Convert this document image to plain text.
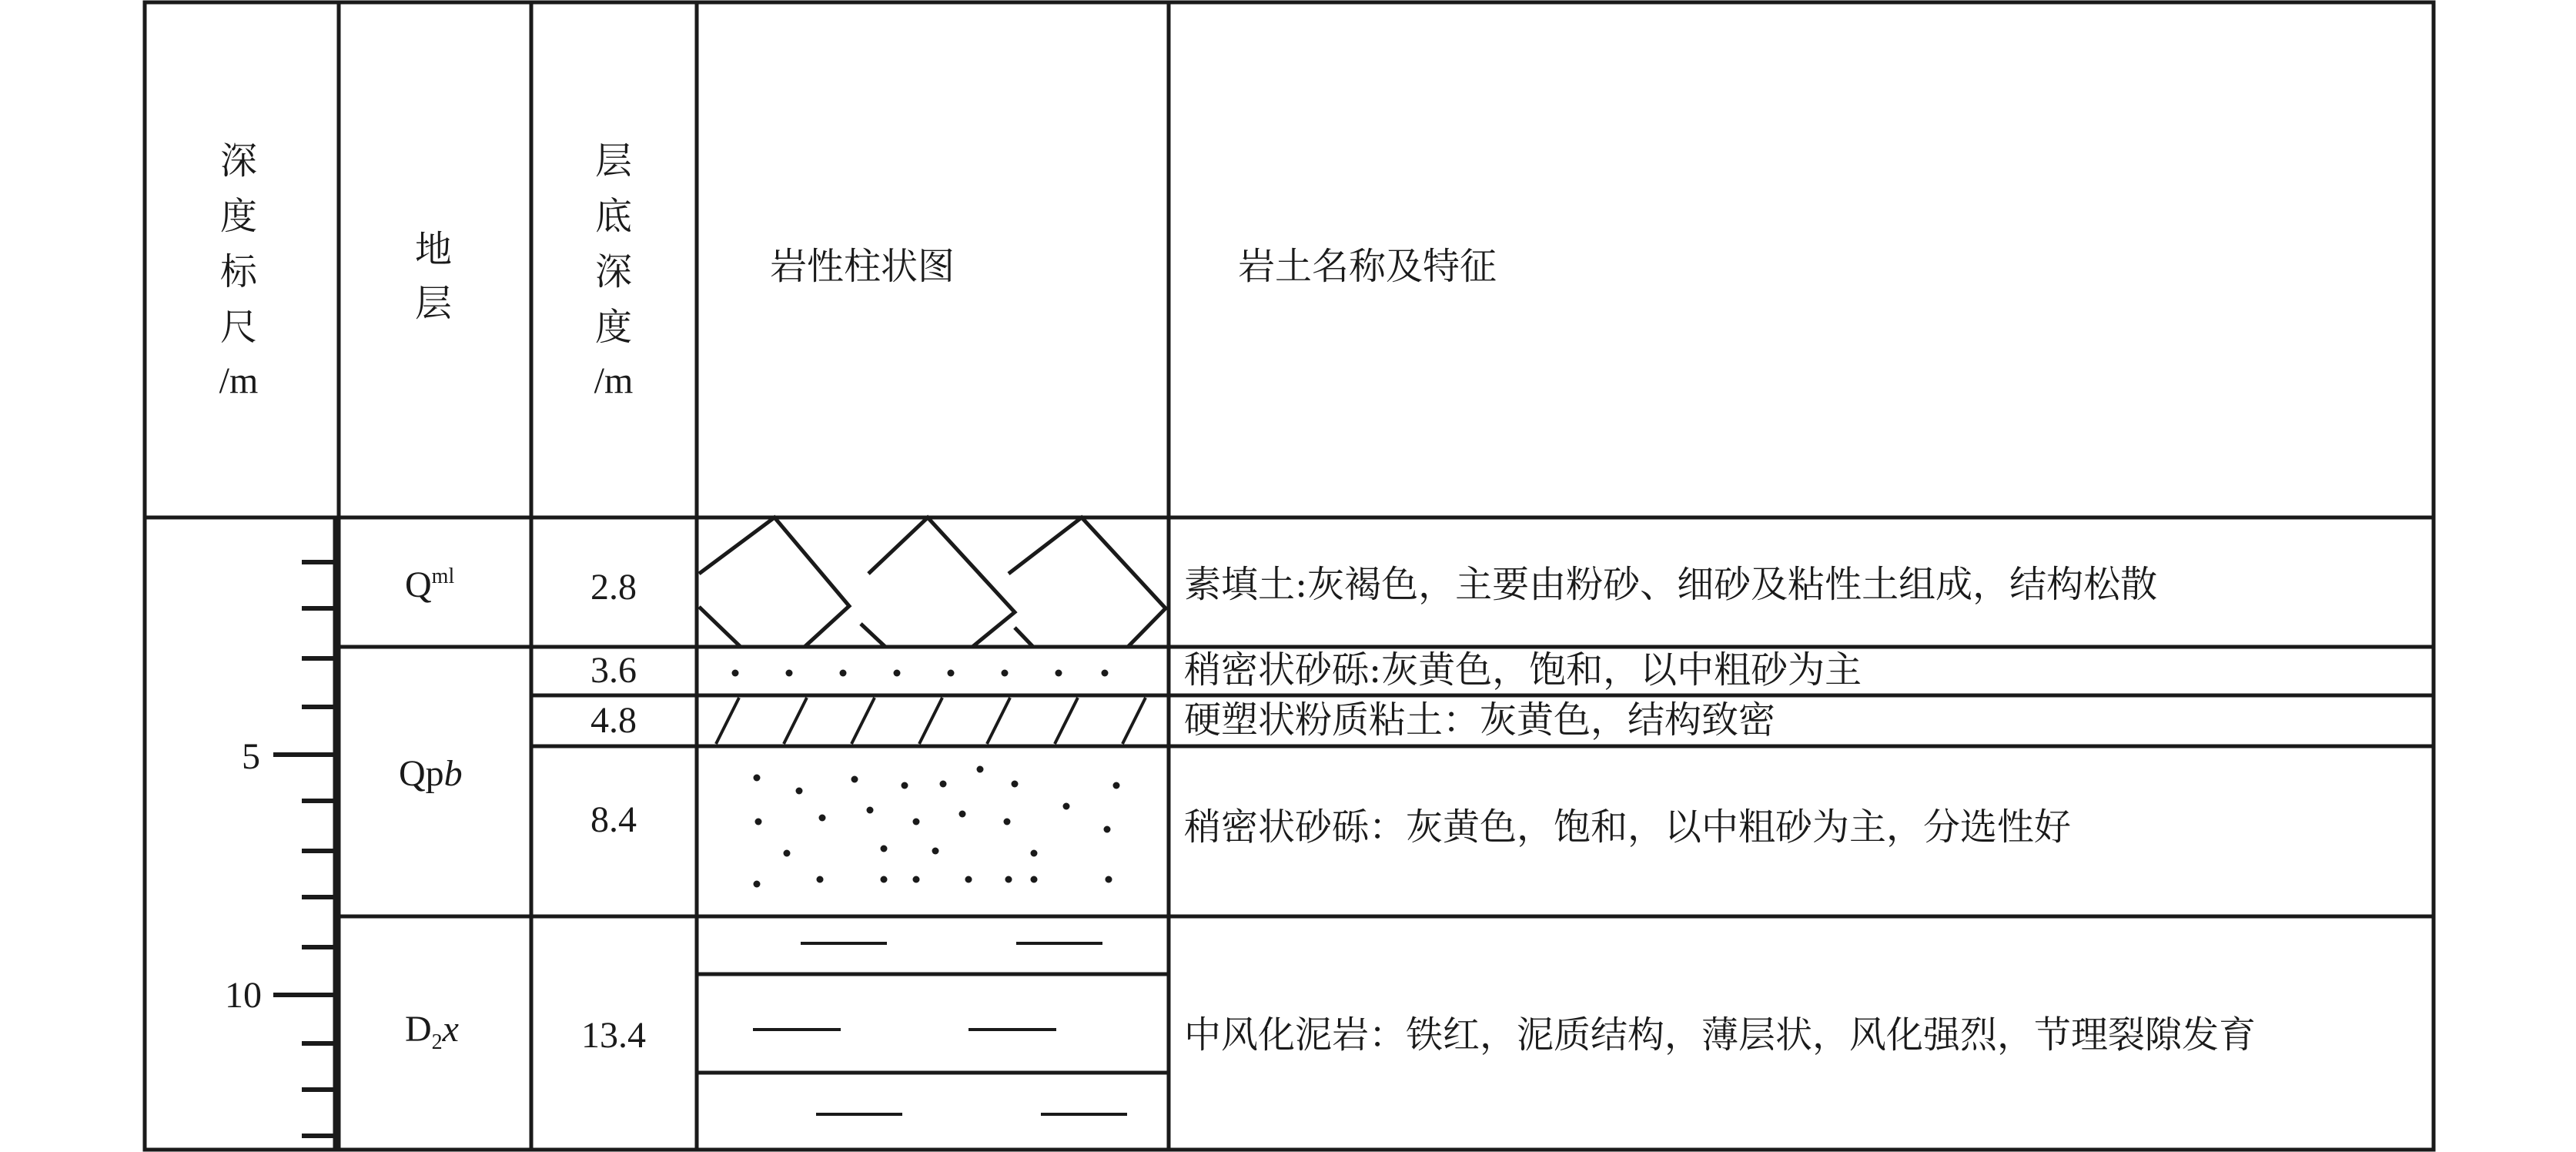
深
度
标
尺
/m
地
层
层
底
深
度
/m
岩性柱状图	岩土名称及特征
5
10
$Q^{ml}$
Qpb
$D_2x$
2.8
3.6
4.8
8.4
13.4
素填土:灰褐色，主要由粉砂、细砂及粘性土组成，结构松散
稍密状砂砾:灰黄色，饱和，以中粗砂为主
硬塑状粉质粘土：灰黄色，结构致密
稍密状砂砾：灰黄色，饱和，以中粗砂为主，分选性好
中风化泥岩：铁红，泥质结构，薄层状，风化强烈，节理裂隙发育
